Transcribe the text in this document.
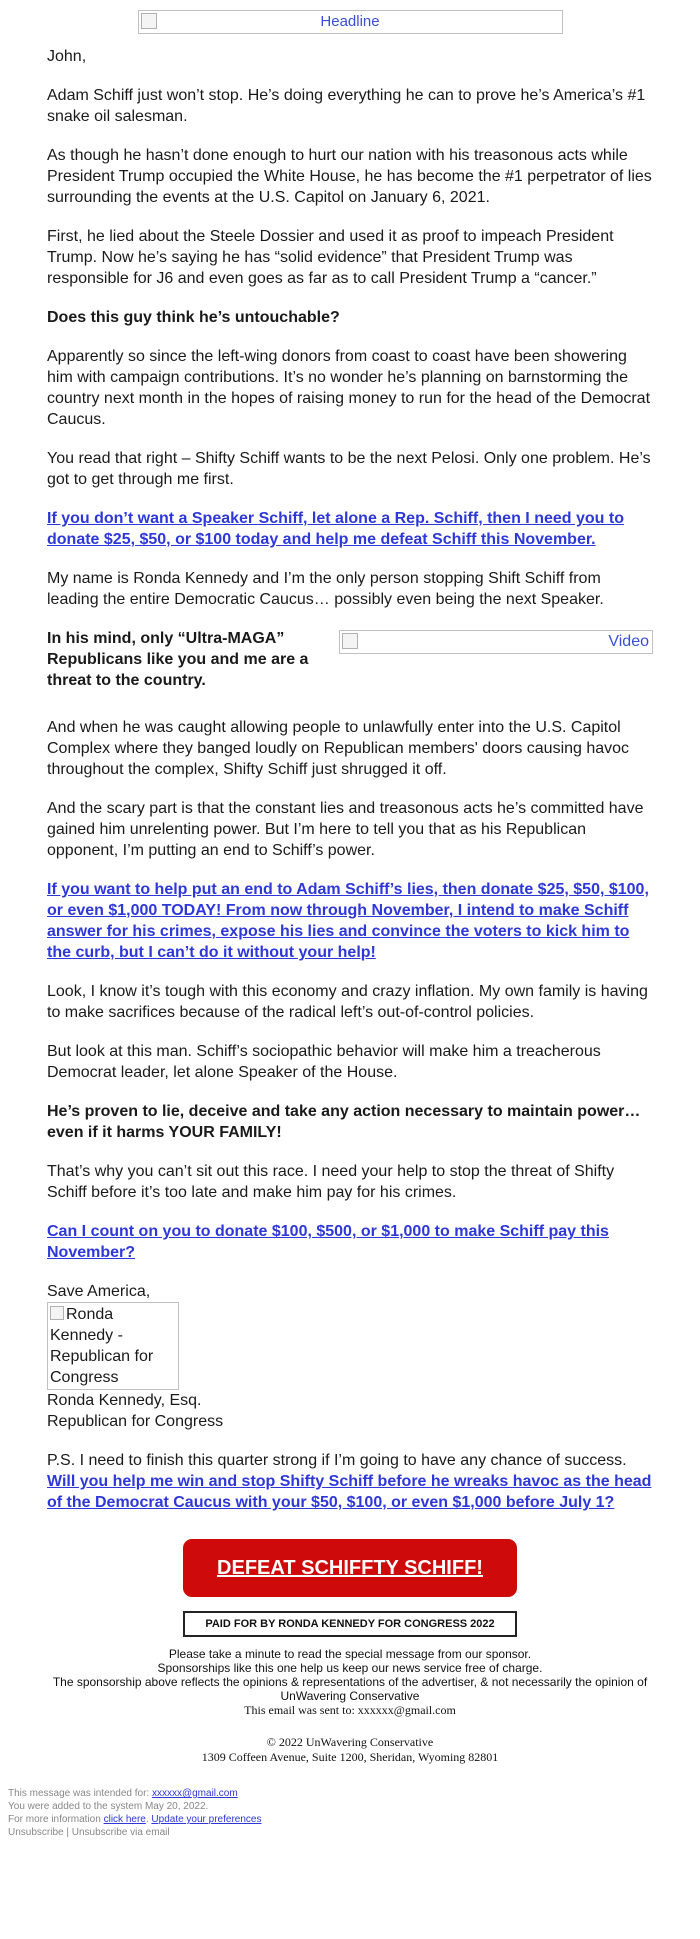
Headline

John,

Adam Schiff just won’t stop. He’s doing everything he can to prove he’s America’s #1 snake oil salesman.

As though he hasn’t done enough to hurt our nation with his treasonous acts while President Trump occupied the White House, he has become the #1 perpetrator of lies surrounding the events at the U.S. Capitol on January 6, 2021.

First, he lied about the Steele Dossier and used it as proof to impeach President Trump. Now he’s saying he has “solid evidence” that President Trump was responsible for J6 and even goes as far as to call President Trump a “cancer.”

Does this guy think he’s untouchable?

Apparently so since the left-wing donors from coast to coast have been showering him with campaign contributions. It’s no wonder he’s planning on barnstorming the country next month in the hopes of raising money to run for the head of the Democrat Caucus.

You read that right – Shifty Schiff wants to be the next Pelosi. Only one problem. He’s got to get through me first.

If you don’t want a Speaker Schiff, let alone a Rep. Schiff, then I need you to donate $25, $50, or $100 today and help me defeat Schiff this November.

My name is Ronda Kennedy and I’m the only person stopping Shift Schiff from leading the entire Democratic Caucus… possibly even being the next Speaker.

In his mind, only “Ultra-MAGA” Republicans like you and me are a threat to the country.
Video

And when he was caught allowing people to unlawfully enter into the U.S. Capitol Complex where they banged loudly on Republican members' doors causing havoc throughout the complex, Shifty Schiff just shrugged it off.

And the scary part is that the constant lies and treasonous acts he’s committed have gained him unrelenting power. But I’m here to tell you that as his Republican opponent, I’m putting an end to Schiff’s power.

If you want to help put an end to Adam Schiff’s lies, then donate $25, $50, $100, or even $1,000 TODAY! From now through November, I intend to make Schiff answer for his crimes, expose his lies and convince the voters to kick him to the curb, but I can’t do it without your help!

Look, I know it’s tough with this economy and crazy inflation. My own family is having to make sacrifices because of the radical left’s out-of-control policies.

But look at this man. Schiff’s sociopathic behavior will make him a treacherous Democrat leader, let alone Speaker of the House.

He’s proven to lie, deceive and take any action necessary to maintain power…even if it harms YOUR FAMILY!

That’s why you can’t sit out this race. I need your help to stop the threat of Shifty Schiff before it’s too late and make him pay for his crimes.

Can I count on you to donate $100, $500, or $1,000 to make Schiff pay this November?

Save America,

Ronda Kennedy - Republican for Congress

Ronda Kennedy, Esq.

Republican for Congress

P.S. I need to finish this quarter strong if I’m going to have any chance of success. Will you help me win and stop Shifty Schiff before he wreaks havoc as the head of the Democrat Caucus with your $50, $100, or even $1,000 before July 1?

DEFEAT SCHIFFTY SCHIFF!
PAID FOR BY RONDA KENNEDY FOR CONGRESS 2022
Please take a minute to read the special message from our sponsor.
Sponsorships like this one help us keep our news service free of charge.
The sponsorship above reflects the opinions & representations of the advertiser, & not necessarily the opinion of UnWavering Conservative
This email was sent to: xxxxxx@gmail.com
© 2022 UnWavering Conservative
1309 Coffeen Avenue, Suite 1200, Sheridan, Wyoming 82801
This message was intended for: xxxxxx@gmail.com
You were added to the system May 20, 2022.
For more information click here. Update your preferences
Unsubscribe | Unsubscribe via email
